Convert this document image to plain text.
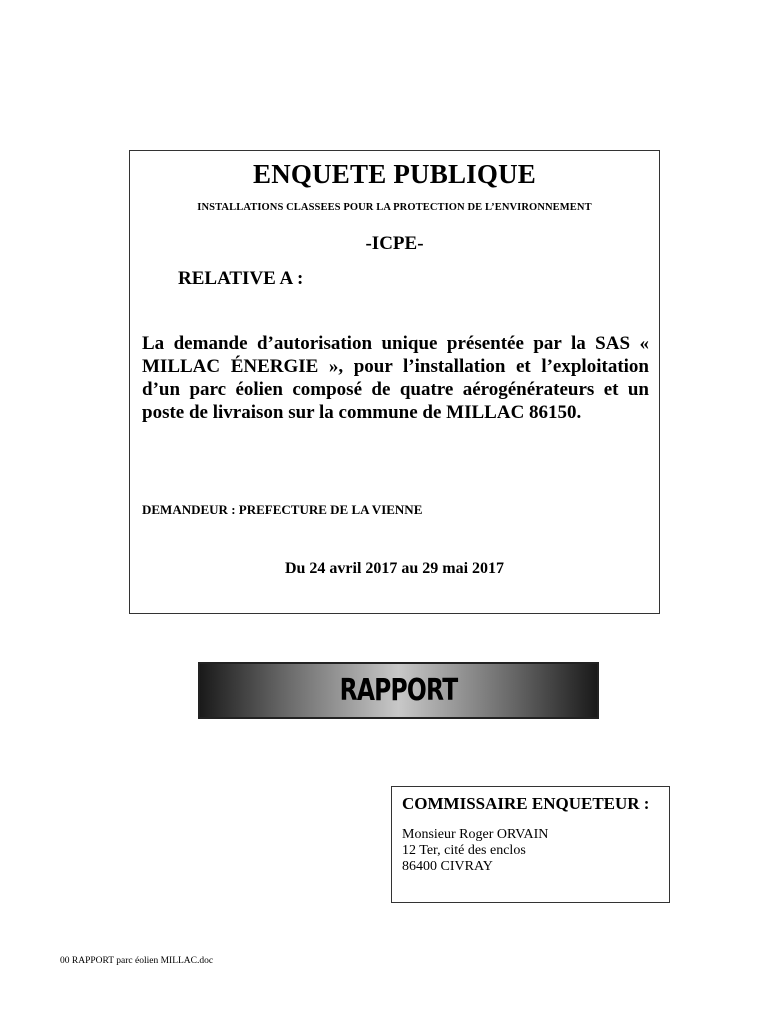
ENQUETE PUBLIQUE
INSTALLATIONS CLASSEES POUR LA PROTECTION DE L’ENVIRONNEMENT
-ICPE-
RELATIVE A :
La demande d’autorisation unique présentée par la SAS « MILLAC ÉNERGIE », pour l’installation et l’exploitation d’un parc éolien composé de quatre aérogénérateurs et un poste de livraison sur la commune de MILLAC 86150.
DEMANDEUR : PREFECTURE DE LA VIENNE
Du 24 avril 2017 au 29 mai 2017
RAPPORT
COMMISSAIRE ENQUETEUR :
Monsieur Roger ORVAIN
12 Ter, cité des enclos
86400 CIVRAY
00 RAPPORT parc éolien MILLAC.doc
